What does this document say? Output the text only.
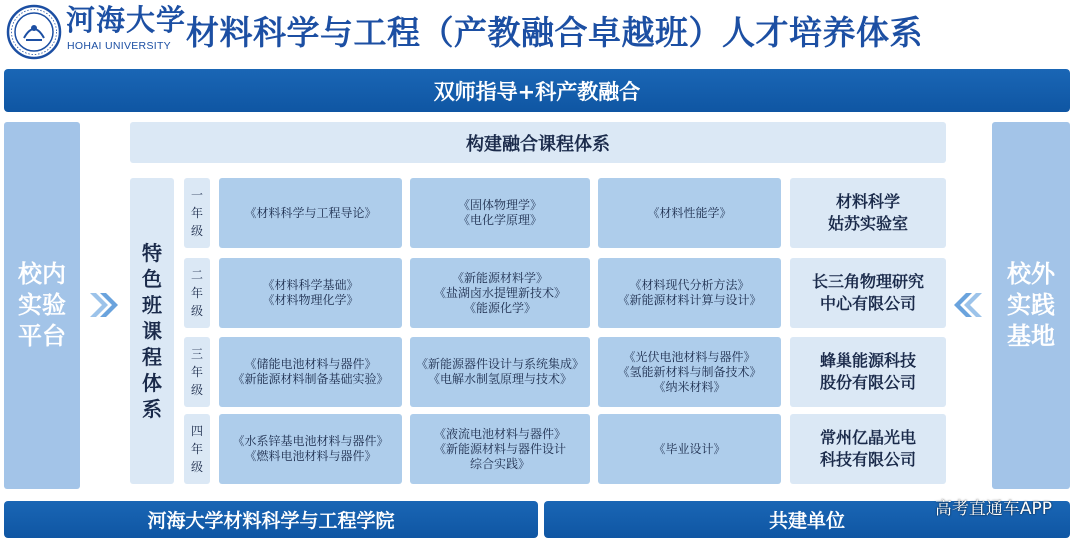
河海大学
HOHAI UNIVERSITY 材料科学与工程（产教融合卓越班）人才培养体系
双师指导+科产教融合
校内实验平台
校外实践基地
构建融合课程体系
特色班课程体系
一年级
二年级
三年级
四年级
《材料科学与工程导论》
《固体物理学》
《电化学原理》
《材料性能学》
《材料科学基础》
《材料物理化学》
《新能源材料学》
《盐湖卤水提锂新技术》
《能源化学》
《材料现代分析方法》
《新能源材料计算与设计》
《储能电池材料与器件》
《新能源材料制备基础实验》
《新能源器件设计与系统集成》
《电解水制氢原理与技术》
《光伏电池材料与器件》
《氢能新材料与制备技术》
《纳米材料》
《水系锌基电池材料与器件》
《燃料电池材料与器件》
《液流电池材料与器件》
《新能源材料与器件设计
综合实践》
《毕业设计》
材料科学
姑苏实验室
长三角物理研究
中心有限公司
蜂巢能源科技
股份有限公司
常州亿晶光电
科技有限公司
河海大学材料科学与工程学院	共建单位
高考直通车APP
